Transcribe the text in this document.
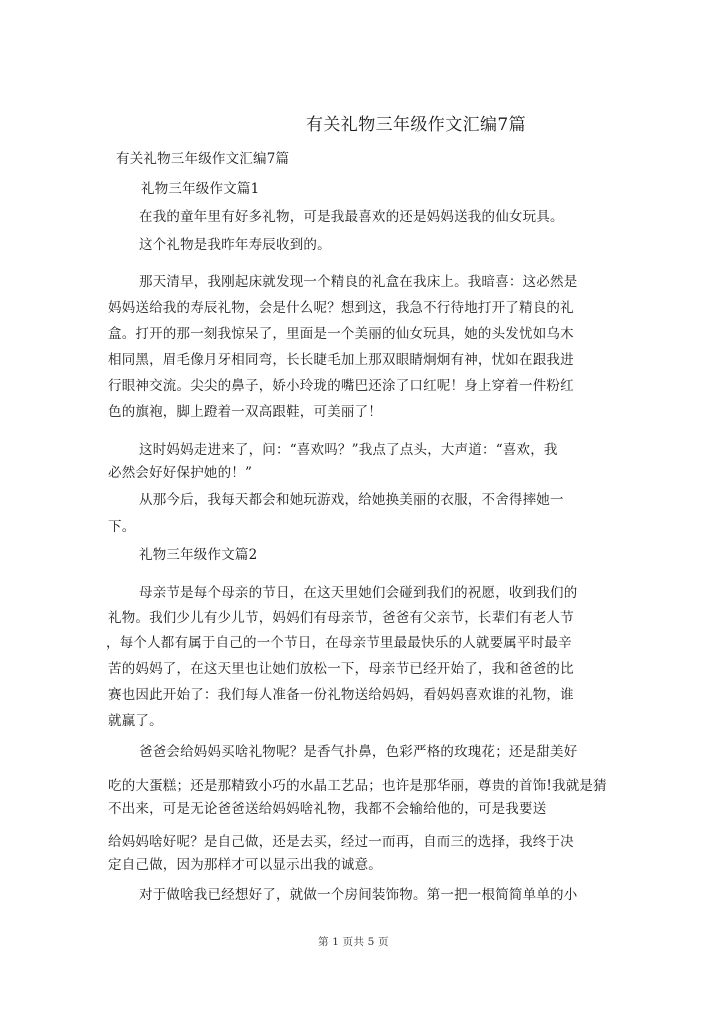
有关礼物三年级作文汇编7篇
有关礼物三年级作文汇编7篇
礼物三年级作文篇1
在我的童年里有好多礼物，可是我最喜欢的还是妈妈送我的仙女玩具。
这个礼物是我昨年寿辰收到的。
那天清早，我刚起床就发现一个精良的礼盒在我床上。我暗喜：这必然是
妈妈送给我的寿辰礼物，会是什么呢？想到这，我急不行待地打开了精良的礼
盒。打开的那一刻我惊呆了，里面是一个美丽的仙女玩具，她的头发忧如乌木
相同黑，眉毛像月牙相同弯，长长睫毛加上那双眼睛炯炯有神，忧如在跟我进
行眼神交流。尖尖的鼻子，娇小玲珑的嘴巴还涂了口红呢！身上穿着一件粉红
色的旗袍，脚上蹬着一双高跟鞋，可美丽了！
这时妈妈走进来了，问：“喜欢吗？”我点了点头，大声道：“喜欢，我
必然会好好保护她的！”
从那今后，我每天都会和她玩游戏，给她换美丽的衣服，不舍得摔她一
下。
礼物三年级作文篇2
母亲节是每个母亲的节日，在这天里她们会碰到我们的祝愿，收到我们的
礼物。我们少儿有少儿节，妈妈们有母亲节，爸爸有父亲节，长辈们有老人节
，每个人都有属于自己的一个节日，在母亲节里最最快乐的人就要属平时最辛
苦的妈妈了，在这天里也让她们放松一下，母亲节已经开始了，我和爸爸的比
赛也因此开始了：我们每人准备一份礼物送给妈妈，看妈妈喜欢谁的礼物，谁
就赢了。
爸爸会给妈妈买啥礼物呢？是香气扑鼻，色彩严格的玫瑰花；还是甜美好
吃的大蛋糕；还是那精致小巧的水晶工艺品；也许是那华丽，尊贵的首饰!我就是猜
不出来，可是无论爸爸送给妈妈啥礼物，我都不会输给他的，可是我要送
给妈妈啥好呢？是自己做，还是去买，经过一而再，自而三的选择，我终于决
定自己做，因为那样才可以显示出我的诚意。
对于做啥我已经想好了，就做一个房间装饰物。第一把一根简简单单的小
第 1 页共 5 页
